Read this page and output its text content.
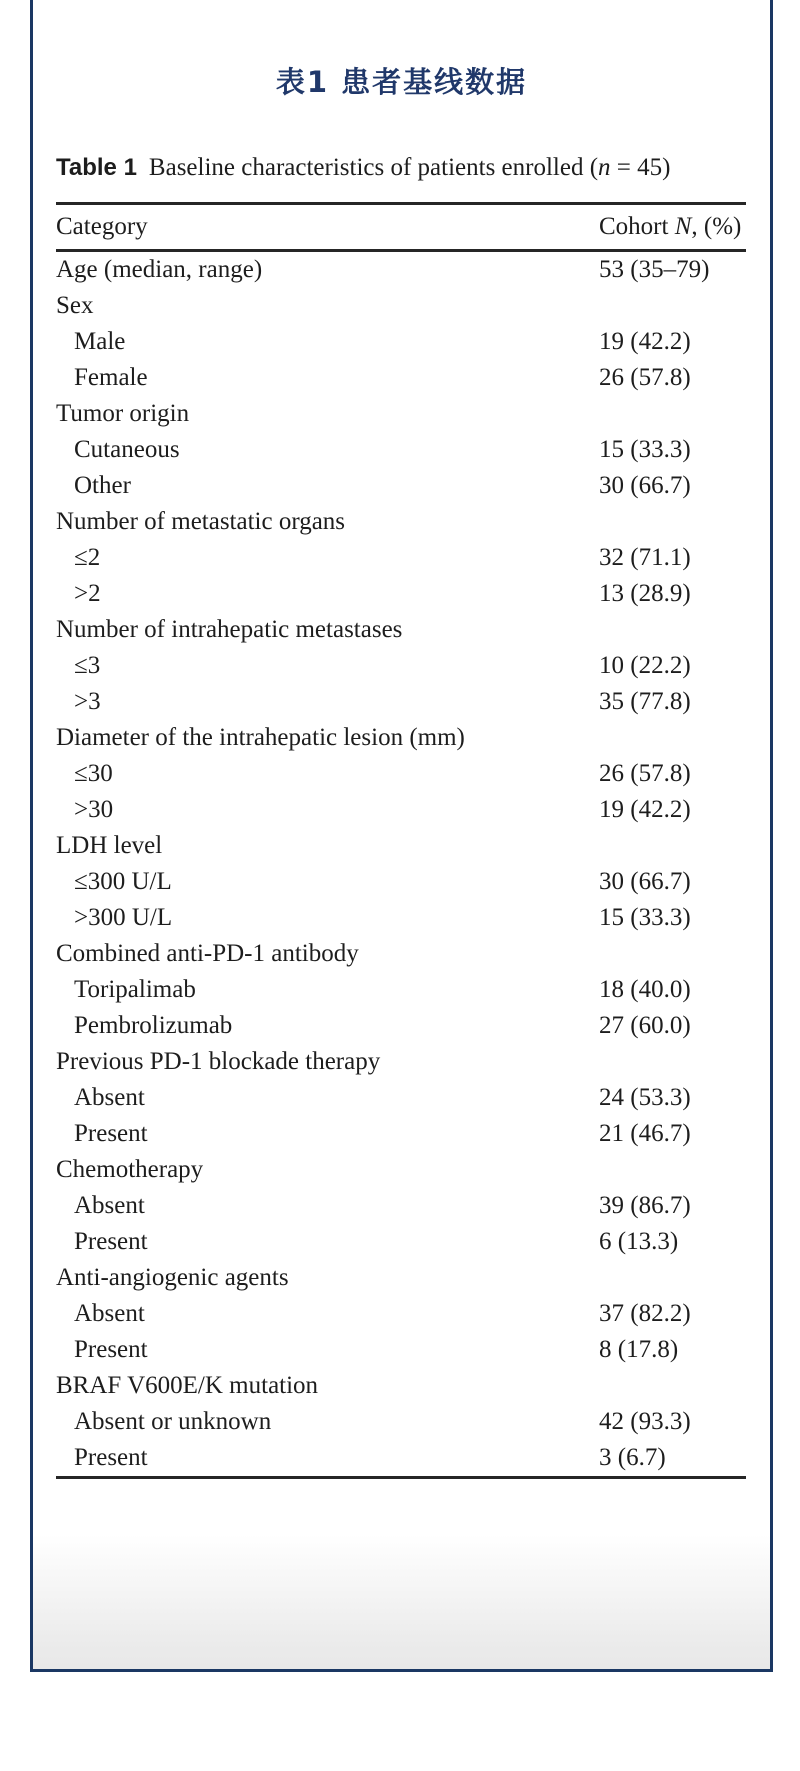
表1 患者基线数据
Table 1 Baseline characteristics of patients enrolled (n = 45)
Category	Cohort N, (%)
Age (median, range)	53 (35–79)
Sex
Male	19 (42.2)
Female	26 (57.8)
Tumor origin
Cutaneous	15 (33.3)
Other	30 (66.7)
Number of metastatic organs
≤2	32 (71.1)
>2	13 (28.9)
Number of intrahepatic metastases
≤3	10 (22.2)
>3	35 (77.8)
Diameter of the intrahepatic lesion (mm)
≤30	26 (57.8)
>30	19 (42.2)
LDH level
≤300 U/L	30 (66.7)
>300 U/L	15 (33.3)
Combined anti-PD-1 antibody
Toripalimab	18 (40.0)
Pembrolizumab	27 (60.0)
Previous PD-1 blockade therapy
Absent	24 (53.3)
Present	21 (46.7)
Chemotherapy
Absent	39 (86.7)
Present	6 (13.3)
Anti-angiogenic agents
Absent	37 (82.2)
Present	8 (17.8)
BRAF V600E/K mutation
Absent or unknown	42 (93.3)
Present	3 (6.7)
